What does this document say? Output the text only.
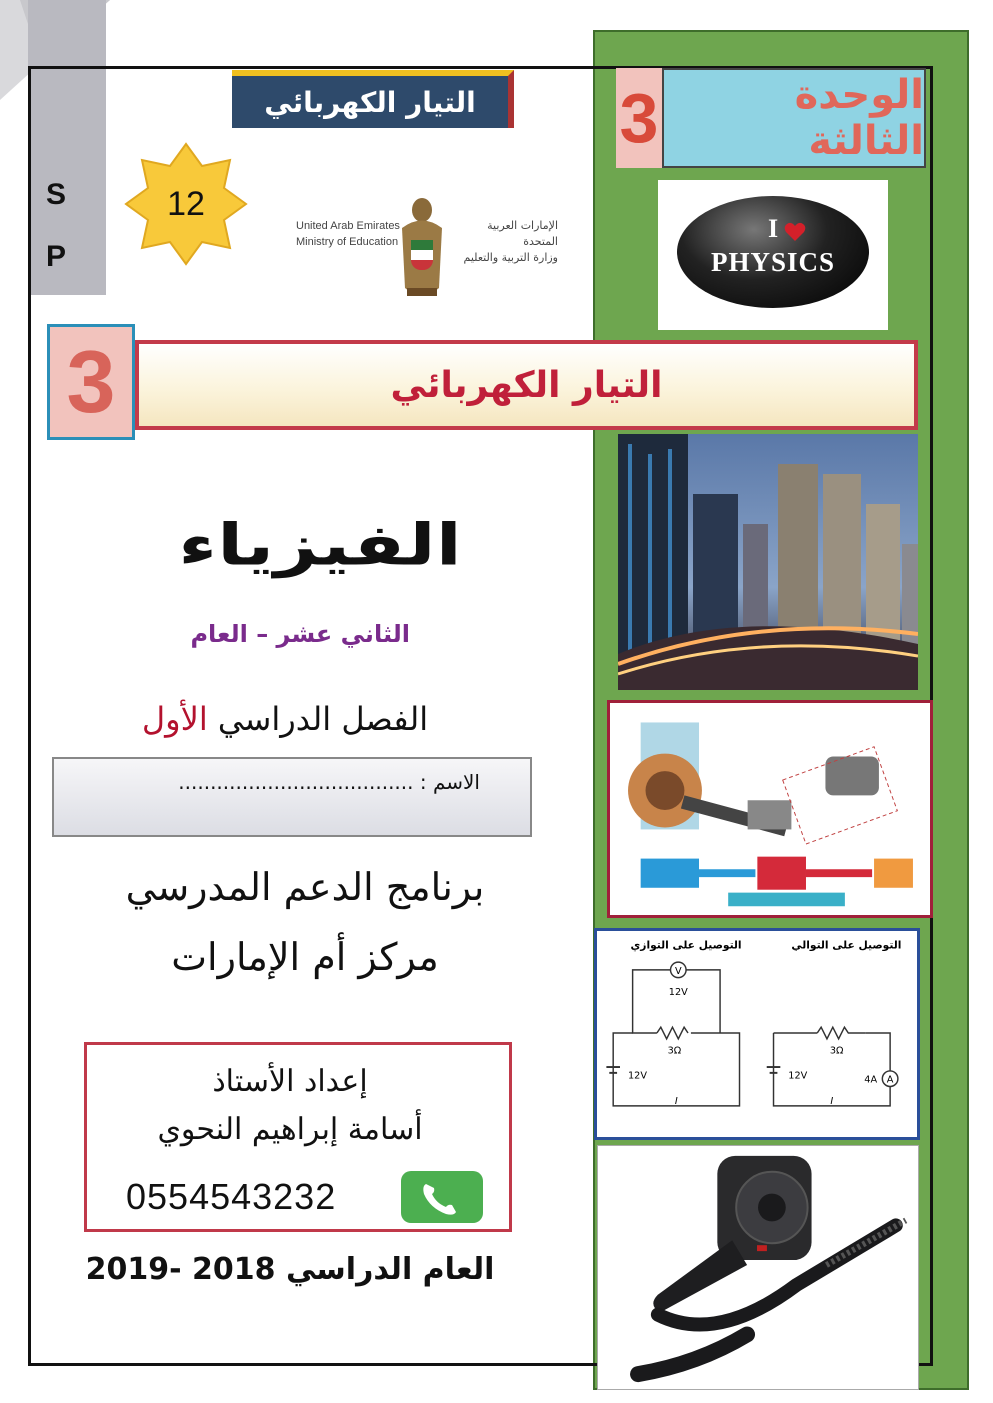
S
P
التيار الكهربائي
12
United Arab Emirates
Ministry of Education
الإمارات العربية المتحدة
وزارة التربية والتعليم
3	الوحدة الثالثة
I
PHYSICS
التيار الكهربائي
3
التوصيل على التوازي	التوصيل على التوالي
V
12V
3Ω
12V
I
3Ω
12V	A
4A
I
الفيزياء
الثاني عشر – العام
الفصل الدراسي الأول
الاسم : .....................................
برنامج الدعم المدرسي
مركز أم الإمارات
إعداد الأستاذ
أسامة إبراهيم النحوي
0554543232
العام الدراسي 2018 -2019
